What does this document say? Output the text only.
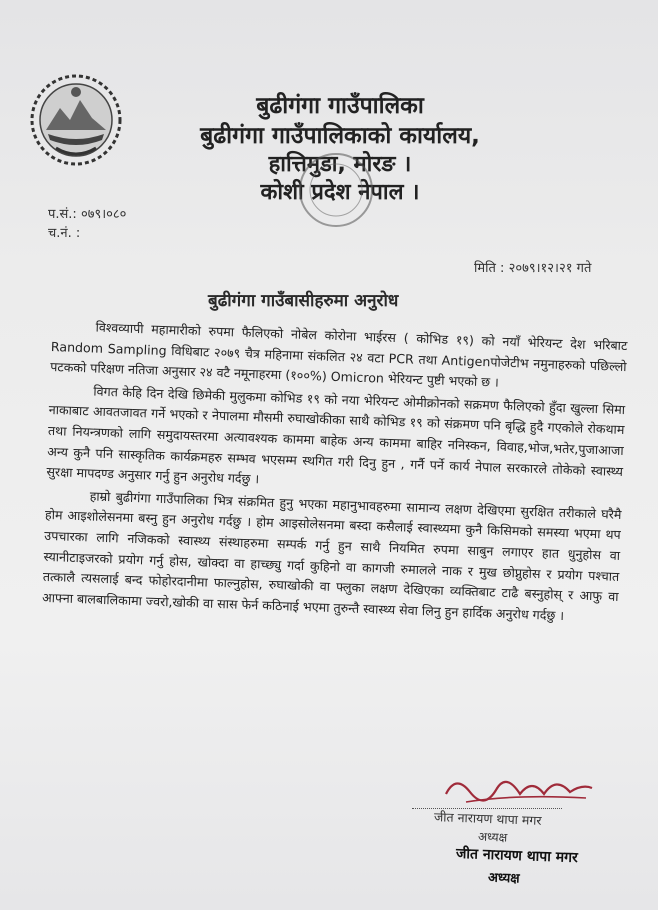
बुढीगंगा गाउँपालिका
बुढीगंगा गाउँपालिकाको कार्यालय,
हात्तिमुडा, मोरङ ।
कोशी प्रदेश नेपाल ।
प.सं.: ०७९।०८०
च.नं. :
मिति : २०७९।१२।२१ गते
बुढीगंगा गाउँबासीहरुमा अनुरोध

विश्वव्यापी महामारीको रुपमा फैलिएको नोबेल कोरोना भाईरस ( कोभिड १९) को नयाँ भेरियन्ट देश भरिबाट Random Sampling विधिबाट २०७९ चैत्र महिनामा संकलित २४ वटा PCR तथा Antigenपोजेटीभ नमुनाहरुको पछिल्लो पटकको परिक्षण नतिजा अनुसार २४ वटै नमूनाहरमा (१००%) Omicron भेरियन्ट पुष्टी भएको छ ।

विगत केहि दिन देखि छिमेकी मुलुकमा कोभिड १९ को नया भेरियन्ट ओमीक्रोनको सक्रमण फैलिएको हुँदा खुल्ला सिमा नाकाबाट आवतजावत गर्ने भएको र नेपालमा मौसमी रुघाखोकीका साथै कोभिड १९ को संक्रमण पनि बृद्धि हुदै गएकोले रोकथाम तथा नियन्त्रणको लागि समुदायस्तरमा अत्यावश्यक काममा बाहेक अन्य काममा बाहिर ननिस्कन, विवाह,भोज,भतेर,पुजाआजा अन्य कुनै पनि सास्कृतिक कार्यक्रमहरु सम्भव भएसम्म स्थगित गरी दिनु हुन , गर्नै पर्ने कार्य नेपाल सरकारले तोकेको स्वास्थ्य सुरक्षा मापदण्ड अनुसार गर्नु हुन अनुरोध गर्दछु ।

हाम्रो बुढीगंगा गाउँपालिका भित्र संक्रमित हुनु भएका महानुभावहरुमा सामान्य लक्षण देखिएमा सुरक्षित तरीकाले घरैमै होम आइशोलेसनमा बस्नु हुन अनुरोध गर्दछु । होम आइसोलेसनमा बस्दा कसैलाई स्वास्थ्यमा कुनै किसिमको समस्या भएमा थप उपचारका लागि नजिकको स्वास्थ्य संस्थाहरुमा सम्पर्क गर्नु हुन साथै नियमित रुपमा साबुन लगाएर हात धुनुहोस वा स्यानीटाइजरको प्रयोग गर्नु होस, खोक्दा वा हाच्छ्यु गर्दा कुहिनो वा कागजी रुमालले नाक र मुख छोप्नुहोस र प्रयोग पश्चात तत्कालै त्यसलाई बन्द फोहोरदानीमा फाल्नुहोस, रुघाखोकी वा फ्लुका लक्षण देखिएका व्यक्तिबाट टाढै बस्नुहोस् र आफु वा आफ्ना बालबालिकामा ज्वरो,खोकी वा सास फेर्न कठिनाई भएमा तुरुन्तै स्वास्थ्य सेवा लिनु हुन हार्दिक अनुरोध गर्दछु ।

जीत नारायण थापा मगर
अध्यक्ष
जीत नारायण थापा मगर
अध्यक्ष
